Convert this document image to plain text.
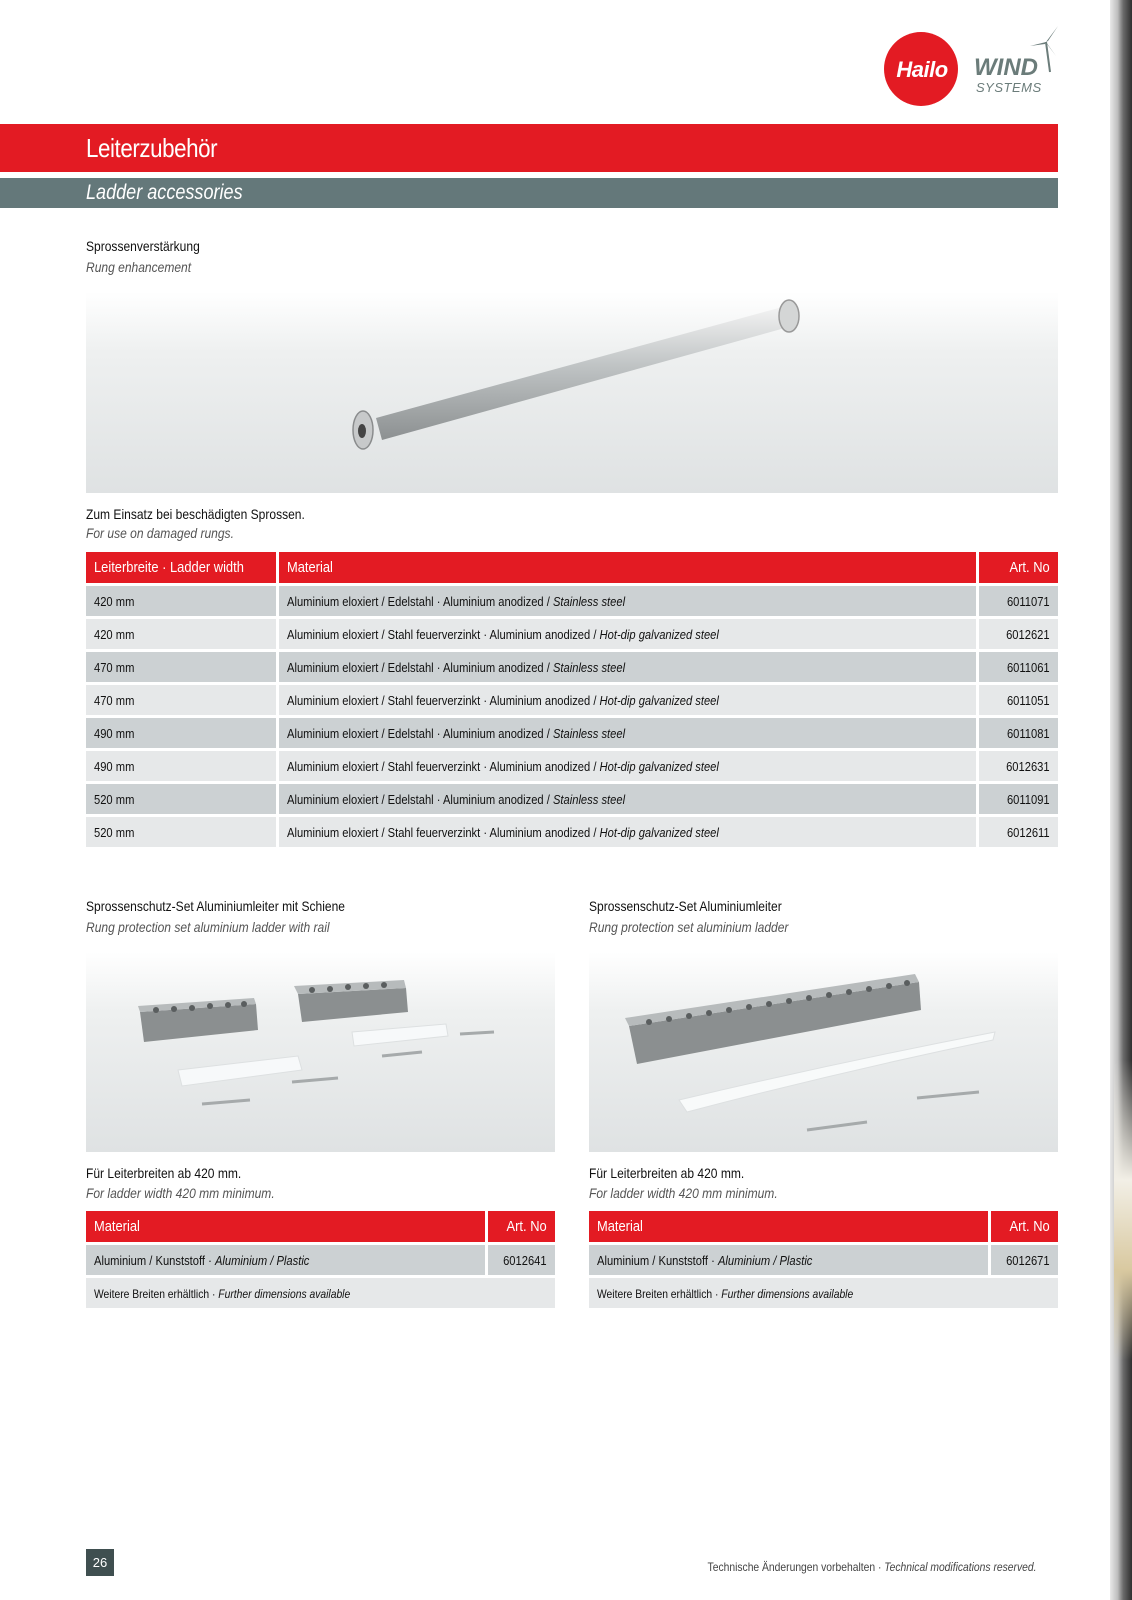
Hailo	WIND
SYSTEMS
Leiterzubehör
Ladder accessories
Sprossenverstärkung
Rung enhancement
Zum Einsatz bei beschädigten Sprossen.
For use on damaged rungs.
Leiterbreite · Ladder width	Material	Art. No
420 mm	Aluminium eloxiert / Edelstahl · Aluminium anodized / Stainless steel	6011071
420 mm	Aluminium eloxiert / Stahl feuerverzinkt · Aluminium anodized / Hot-dip galvanized steel	6012621
470 mm	Aluminium eloxiert / Edelstahl · Aluminium anodized / Stainless steel	6011061
470 mm	Aluminium eloxiert / Stahl feuerverzinkt · Aluminium anodized / Hot-dip galvanized steel	6011051
490 mm	Aluminium eloxiert / Edelstahl · Aluminium anodized / Stainless steel	6011081
490 mm	Aluminium eloxiert / Stahl feuerverzinkt · Aluminium anodized / Hot-dip galvanized steel	6012631
520 mm	Aluminium eloxiert / Edelstahl · Aluminium anodized / Stainless steel	6011091
520 mm	Aluminium eloxiert / Stahl feuerverzinkt · Aluminium anodized / Hot-dip galvanized steel	6012611
Sprossenschutz-Set Aluminiumleiter mit Schiene
Rung protection set aluminium ladder with rail
Für Leiterbreiten ab 420 mm.
For ladder width 420 mm minimum.
Material	Art. No
Aluminium / Kunststoff · Aluminium / Plastic	6012641
Weitere Breiten erhältlich · Further dimensions available	
Sprossenschutz-Set Aluminiumleiter
Rung protection set aluminium ladder
Für Leiterbreiten ab 420 mm.
For ladder width 420 mm minimum.
Material	Art. No
Aluminium / Kunststoff · Aluminium / Plastic	6012671
Weitere Breiten erhältlich · Further dimensions available	
26	Technische Änderungen vorbehalten · Technical modifications reserved.
